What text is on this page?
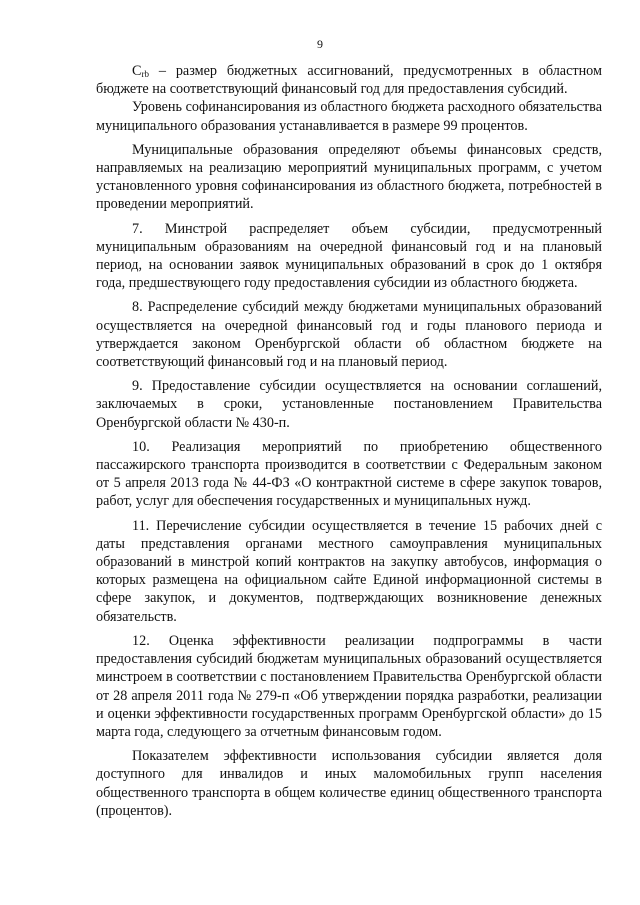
9

$C_{rb}$ – размер бюджетных ассигнований, предусмотренных в областном бюджете на соответствующий финансовый год для предоставления субсидий.

Уровень софинансирования из областного бюджета расходного обязательства муниципального образования устанавливается в размере 99 процентов.

Муниципальные образования определяют объемы финансовых средств, направляемых на реализацию мероприятий муниципальных программ, с учетом установленного уровня софинансирования из областного бюджета, потребностей в проведении мероприятий.

7. Минстрой распределяет объем субсидии, предусмотренный муниципальным образованиям на очередной финансовый год и на плановый период, на основании заявок муниципальных образований в срок до 1 октября года, предшествующего году предоставления субсидии из областного бюджета.

8. Распределение субсидий между бюджетами муниципальных образований осуществляется на очередной финансовый год и годы планового периода и утверждается законом Оренбургской области об областном бюджете на соответствующий финансовый год и на плановый период.

9. Предоставление субсидии осуществляется на основании соглашений, заключаемых в сроки, установленные постановлением Правительства Оренбургской области № 430-п.

10. Реализация мероприятий по приобретению общественного пассажирского транспорта производится в соответствии с Федеральным законом от 5 апреля 2013 года № 44-ФЗ «О контрактной системе в сфере закупок товаров, работ, услуг для обеспечения государственных и муниципальных нужд.

11. Перечисление субсидии осуществляется в течение 15 рабочих дней с даты представления органами местного самоуправления муниципальных образований в минстрой копий контрактов на закупку автобусов, информация о которых размещена на официальном сайте Единой информационной системы в сфере закупок, и документов, подтверждающих возникновение денежных обязательств.

12. Оценка эффективности реализации подпрограммы в части предоставления субсидий бюджетам муниципальных образований осуществляется минстроем в соответствии с постановлением Правительства Оренбургской области от 28 апреля 2011 года № 279-п «Об утверждении порядка разработки, реализации и оценки эффективности государственных программ Оренбургской области» до 15 марта года, следующего за отчетным финансовым годом.

Показателем эффективности использования субсидии является доля доступного для инвалидов и иных маломобильных групп населения общественного транспорта в общем количестве единиц общественного транспорта (процентов).
